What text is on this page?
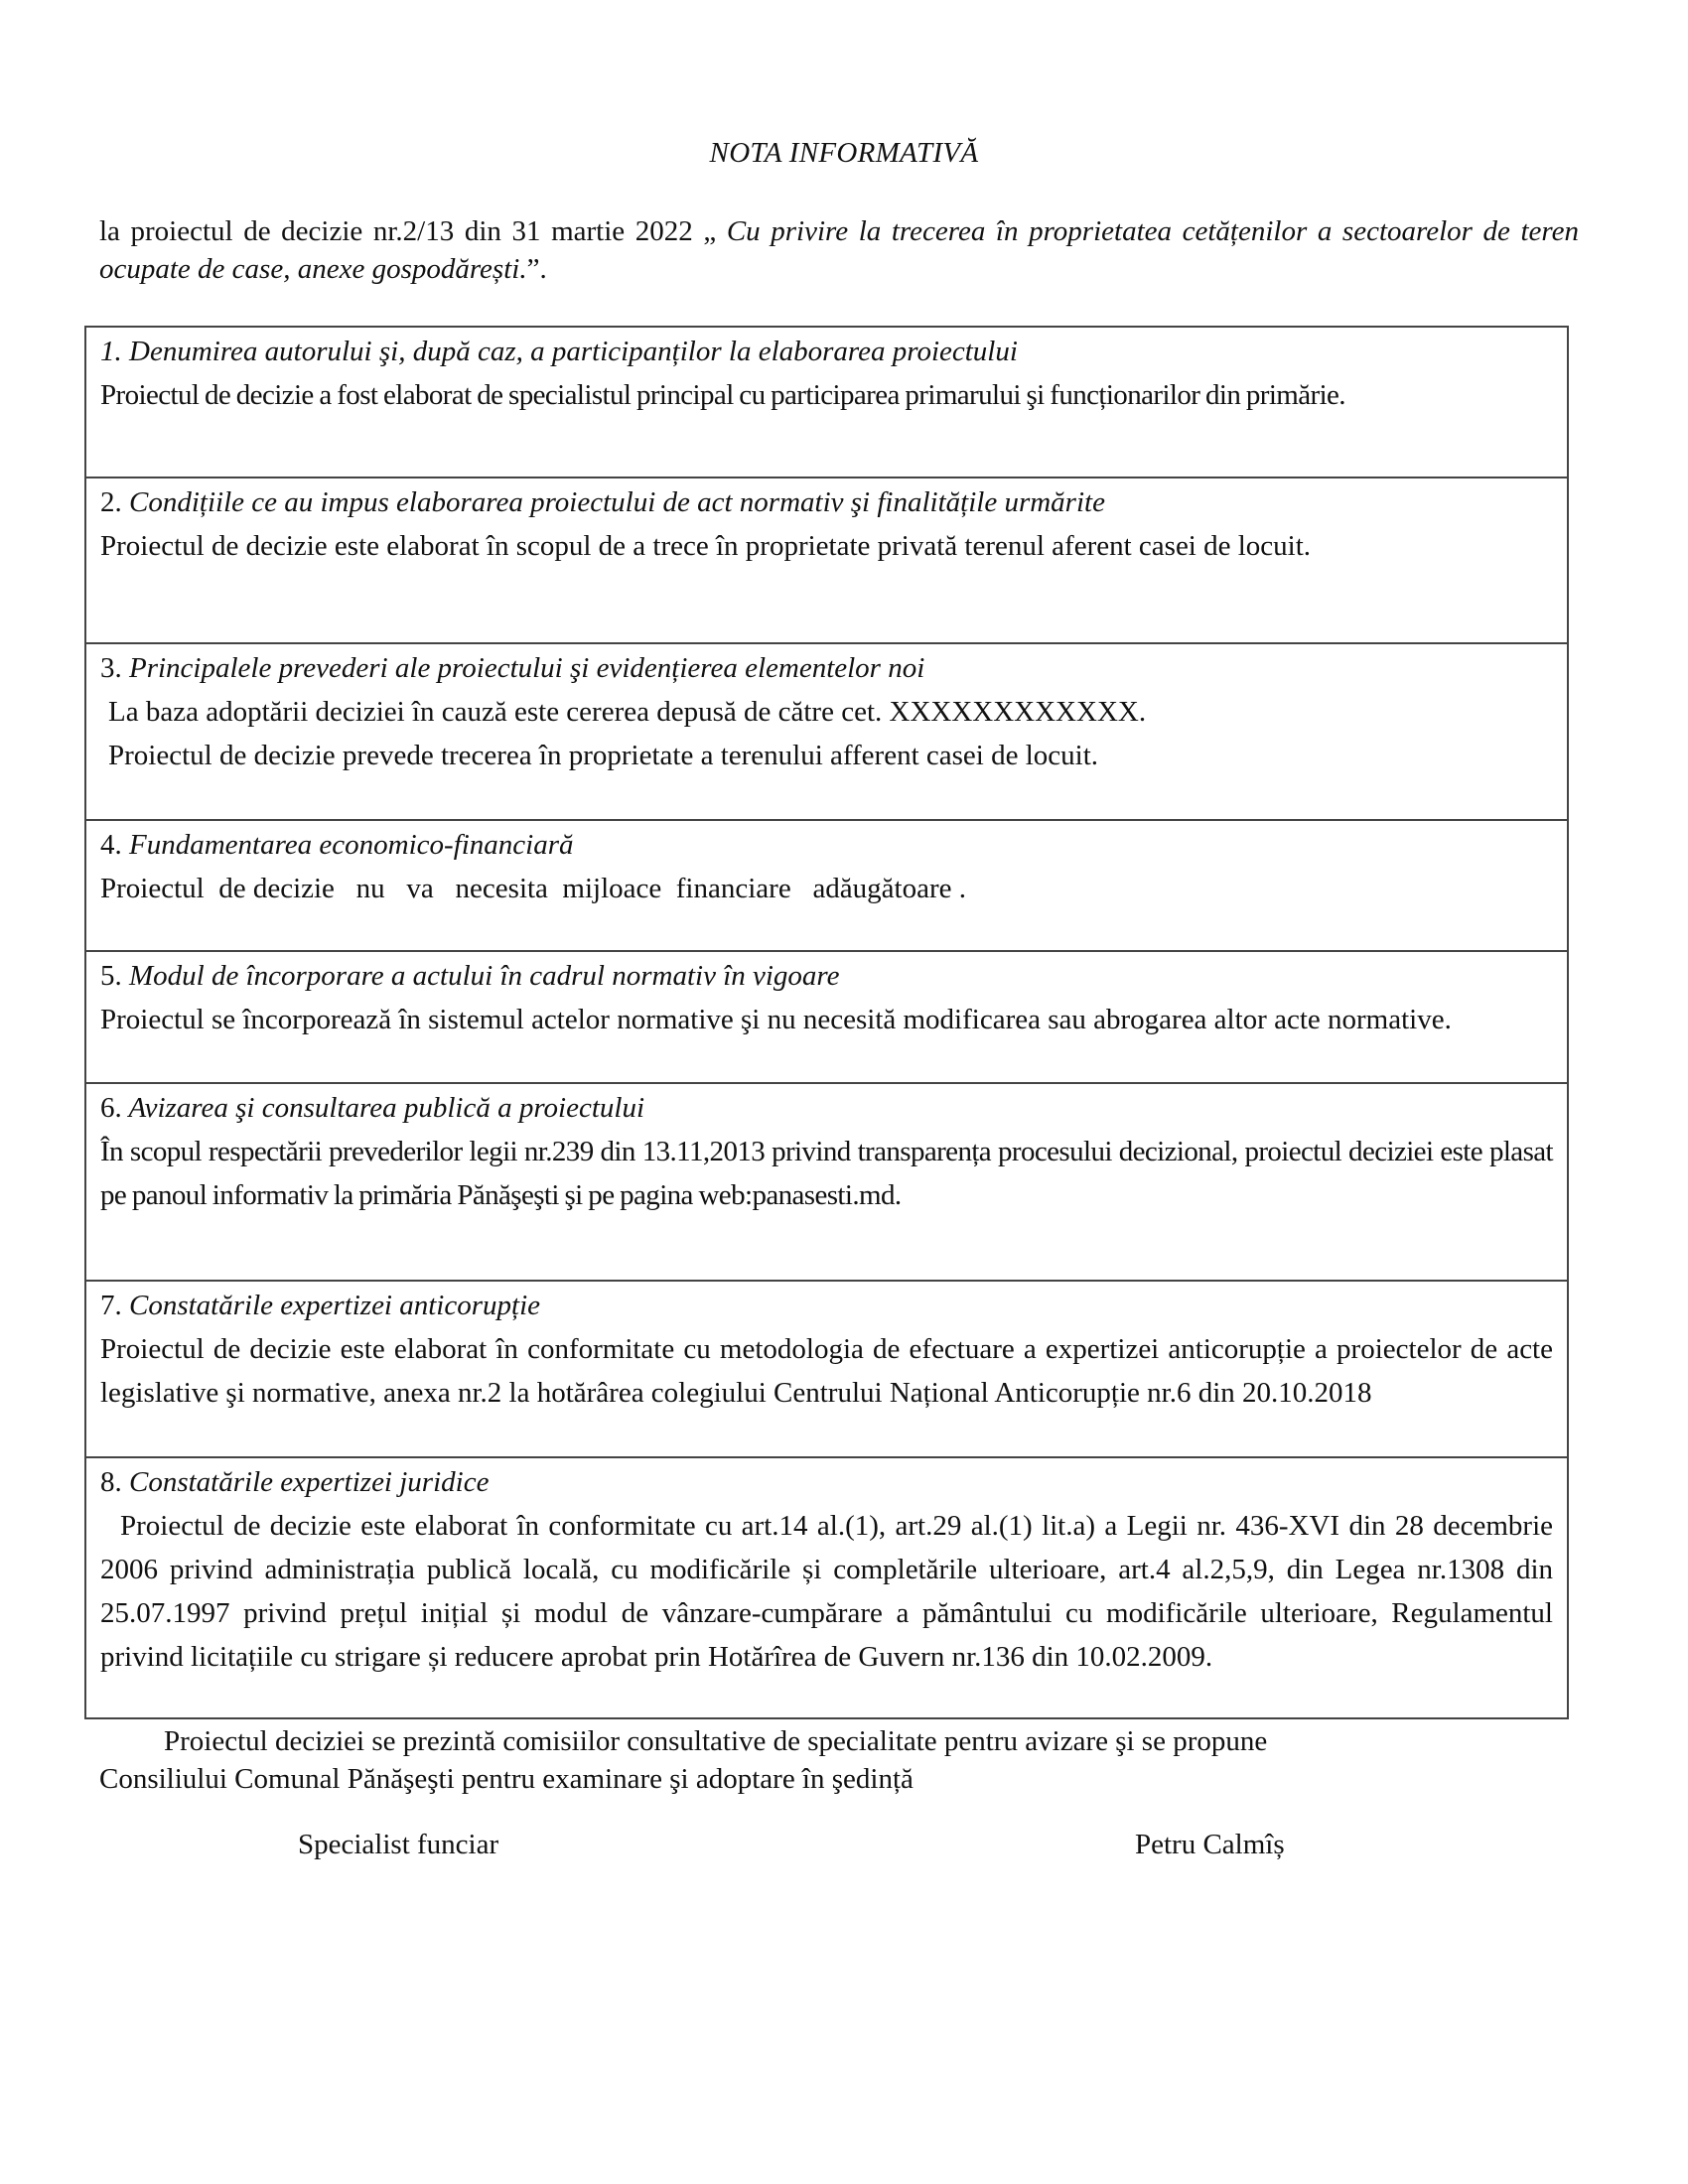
NOTA INFORMATIVĂ
la proiectul de decizie nr.2/13 din 31 martie 2022 „ Cu privire la trecerea în proprietatea cetățenilor a sectoarelor de teren ocupate de case, anexe gospodărești.”.
1. Denumirea autorului şi, după caz, a participanților la elaborarea proiectului
Proiectul de decizie a fost elaborat de specialistul principal cu participarea primarului şi funcționarilor din primărie.
2. Condițiile ce au impus elaborarea proiectului de act normativ şi finalitățile urmărite
Proiectul de decizie este elaborat în scopul de a trece în proprietate privată terenul aferent casei de locuit.
3. Principalele prevederi ale proiectului şi evidențierea elementelor noi
La baza adoptării deciziei în cauză este cererea depusă de către cet. XXXXXXXXXXXX.
Proiectul de decizie prevede trecerea în proprietate a terenului afferent casei de locuit.
4. Fundamentarea economico-financiară
Proiectul  de decizie   nu   va   necesita  mijloace  financiare   adăugătoare .
5. Modul de încorporare a actului în cadrul normativ în vigoare
Proiectul se încorporează în sistemul actelor normative şi nu necesită modificarea sau abrogarea altor acte normative.
6. Avizarea şi consultarea publică a proiectului
În scopul respectării prevederilor legii nr.239 din 13.11,2013 privind transparența procesului decizional, proiectul deciziei este plasat pe panoul informativ la primăria Pănăşeşti şi pe pagina web:panasesti.md.
7. Constatările expertizei anticorupție
Proiectul de decizie este elaborat în conformitate cu metodologia de efectuare a expertizei anticorupție a proiectelor de acte legislative şi normative, anexa nr.2 la hotărârea colegiului Centrului Național Anticorupție nr.6 din 20.10.2018
8. Constatările expertizei juridice
Proiectul de decizie este elaborat în conformitate cu art.14 al.(1), art.29 al.(1) lit.a) a Legii nr. 436-XVI din 28 decembrie 2006 privind administrația publică locală, cu modificările și completările ulterioare, art.4 al.2,5,9, din Legea nr.1308 din 25.07.1997 privind prețul inițial și modul de vânzare-cumpărare a pământului cu modificările ulterioare, Regulamentul privind licitațiile cu strigare și reducere aprobat prin Hotărîrea de Guvern nr.136 din 10.02.2009.
Proiectul deciziei se prezintă comisiilor consultative de specialitate pentru avizare şi se propune
Consiliului Comunal Pănăşeşti pentru examinare şi adoptare în şedință
Specialist funciar	Petru Calmîș
